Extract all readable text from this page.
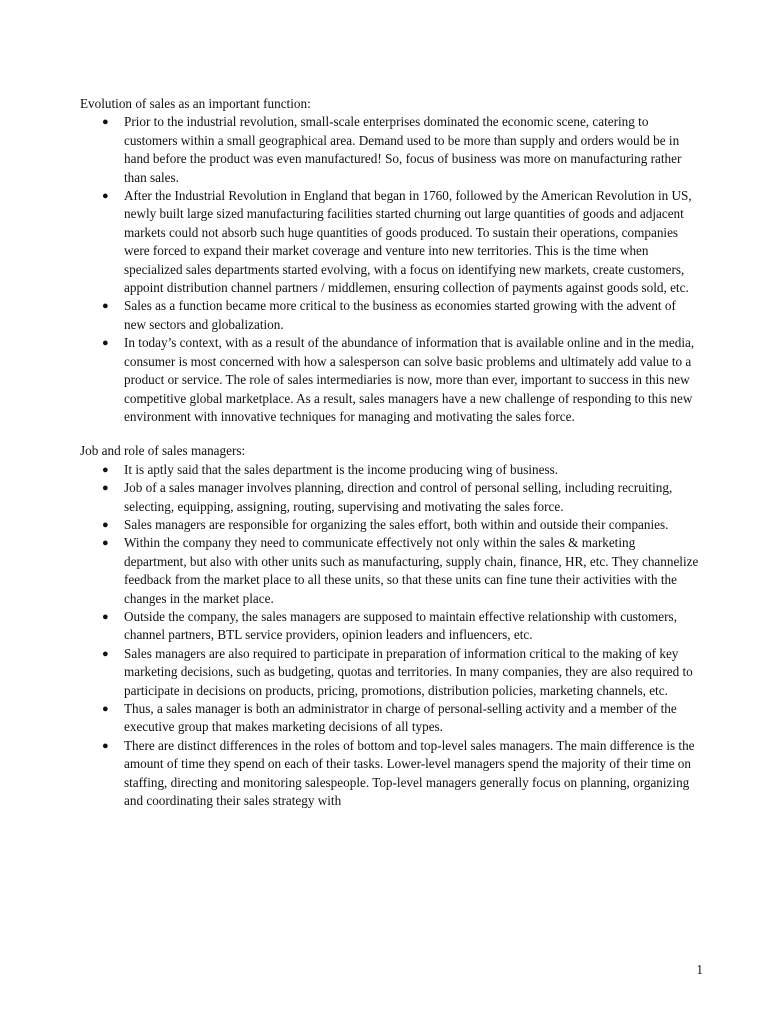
Evolution of sales as an important function:

● Prior to the industrial revolution, small-scale enterprises dominated the economic scene, catering to customers within a small geographical area. Demand used to be more than supply and orders would be in hand before the product was even manufactured! So, focus of business was more on manufacturing rather than sales.
● After the Industrial Revolution in England that began in 1760, followed by the American Revolution in US, newly built large sized manufacturing facilities started churning out large quantities of goods and adjacent markets could not absorb such huge quantities of goods produced. To sustain their operations, companies were forced to expand their market coverage and venture into new territories. This is the time when specialized sales departments started evolving, with a focus on identifying new markets, create customers, appoint distribution channel partners / middlemen, ensuring collection of payments against goods sold, etc.
● Sales as a function became more critical to the business as economies started growing with the advent of new sectors and globalization.
● In today’s context, with as a result of the abundance of information that is available online and in the media, consumer is most concerned with how a salesperson can solve basic problems and ultimately add value to a product or service. The role of sales intermediaries is now, more than ever, important to success in this new competitive global marketplace. As a result, sales managers have a new challenge of responding to this new environment with innovative techniques for managing and motivating the sales force.

Job and role of sales managers:

● It is aptly said that the sales department is the income producing wing of business.
● Job of a sales manager involves planning, direction and control of personal selling, including recruiting, selecting, equipping, assigning, routing, supervising and motivating the sales force.
● Sales managers are responsible for organizing the sales effort, both within and outside their companies.
● Within the company they need to communicate effectively not only within the sales & marketing department, but also with other units such as manufacturing, supply chain, finance, HR, etc. They channelize feedback from the market place to all these units, so that these units can fine tune their activities with the changes in the market place.
● Outside the company, the sales managers are supposed to maintain effective relationship with customers, channel partners, BTL service providers, opinion leaders and influencers, etc.
● Sales managers are also required to participate in preparation of information critical to the making of key marketing decisions, such as budgeting, quotas and territories. In many companies, they are also required to participate in decisions on products, pricing, promotions, distribution policies, marketing channels, etc.
● Thus, a sales manager is both an administrator in charge of personal-selling activity and a member of the executive group that makes marketing decisions of all types.
● There are distinct differences in the roles of bottom and top-level sales managers. The main difference is the amount of time they spend on each of their tasks. Lower-level managers spend the majority of their time on staffing, directing and monitoring salespeople. Top-level managers generally focus on planning, organizing and coordinating their sales strategy with
1
